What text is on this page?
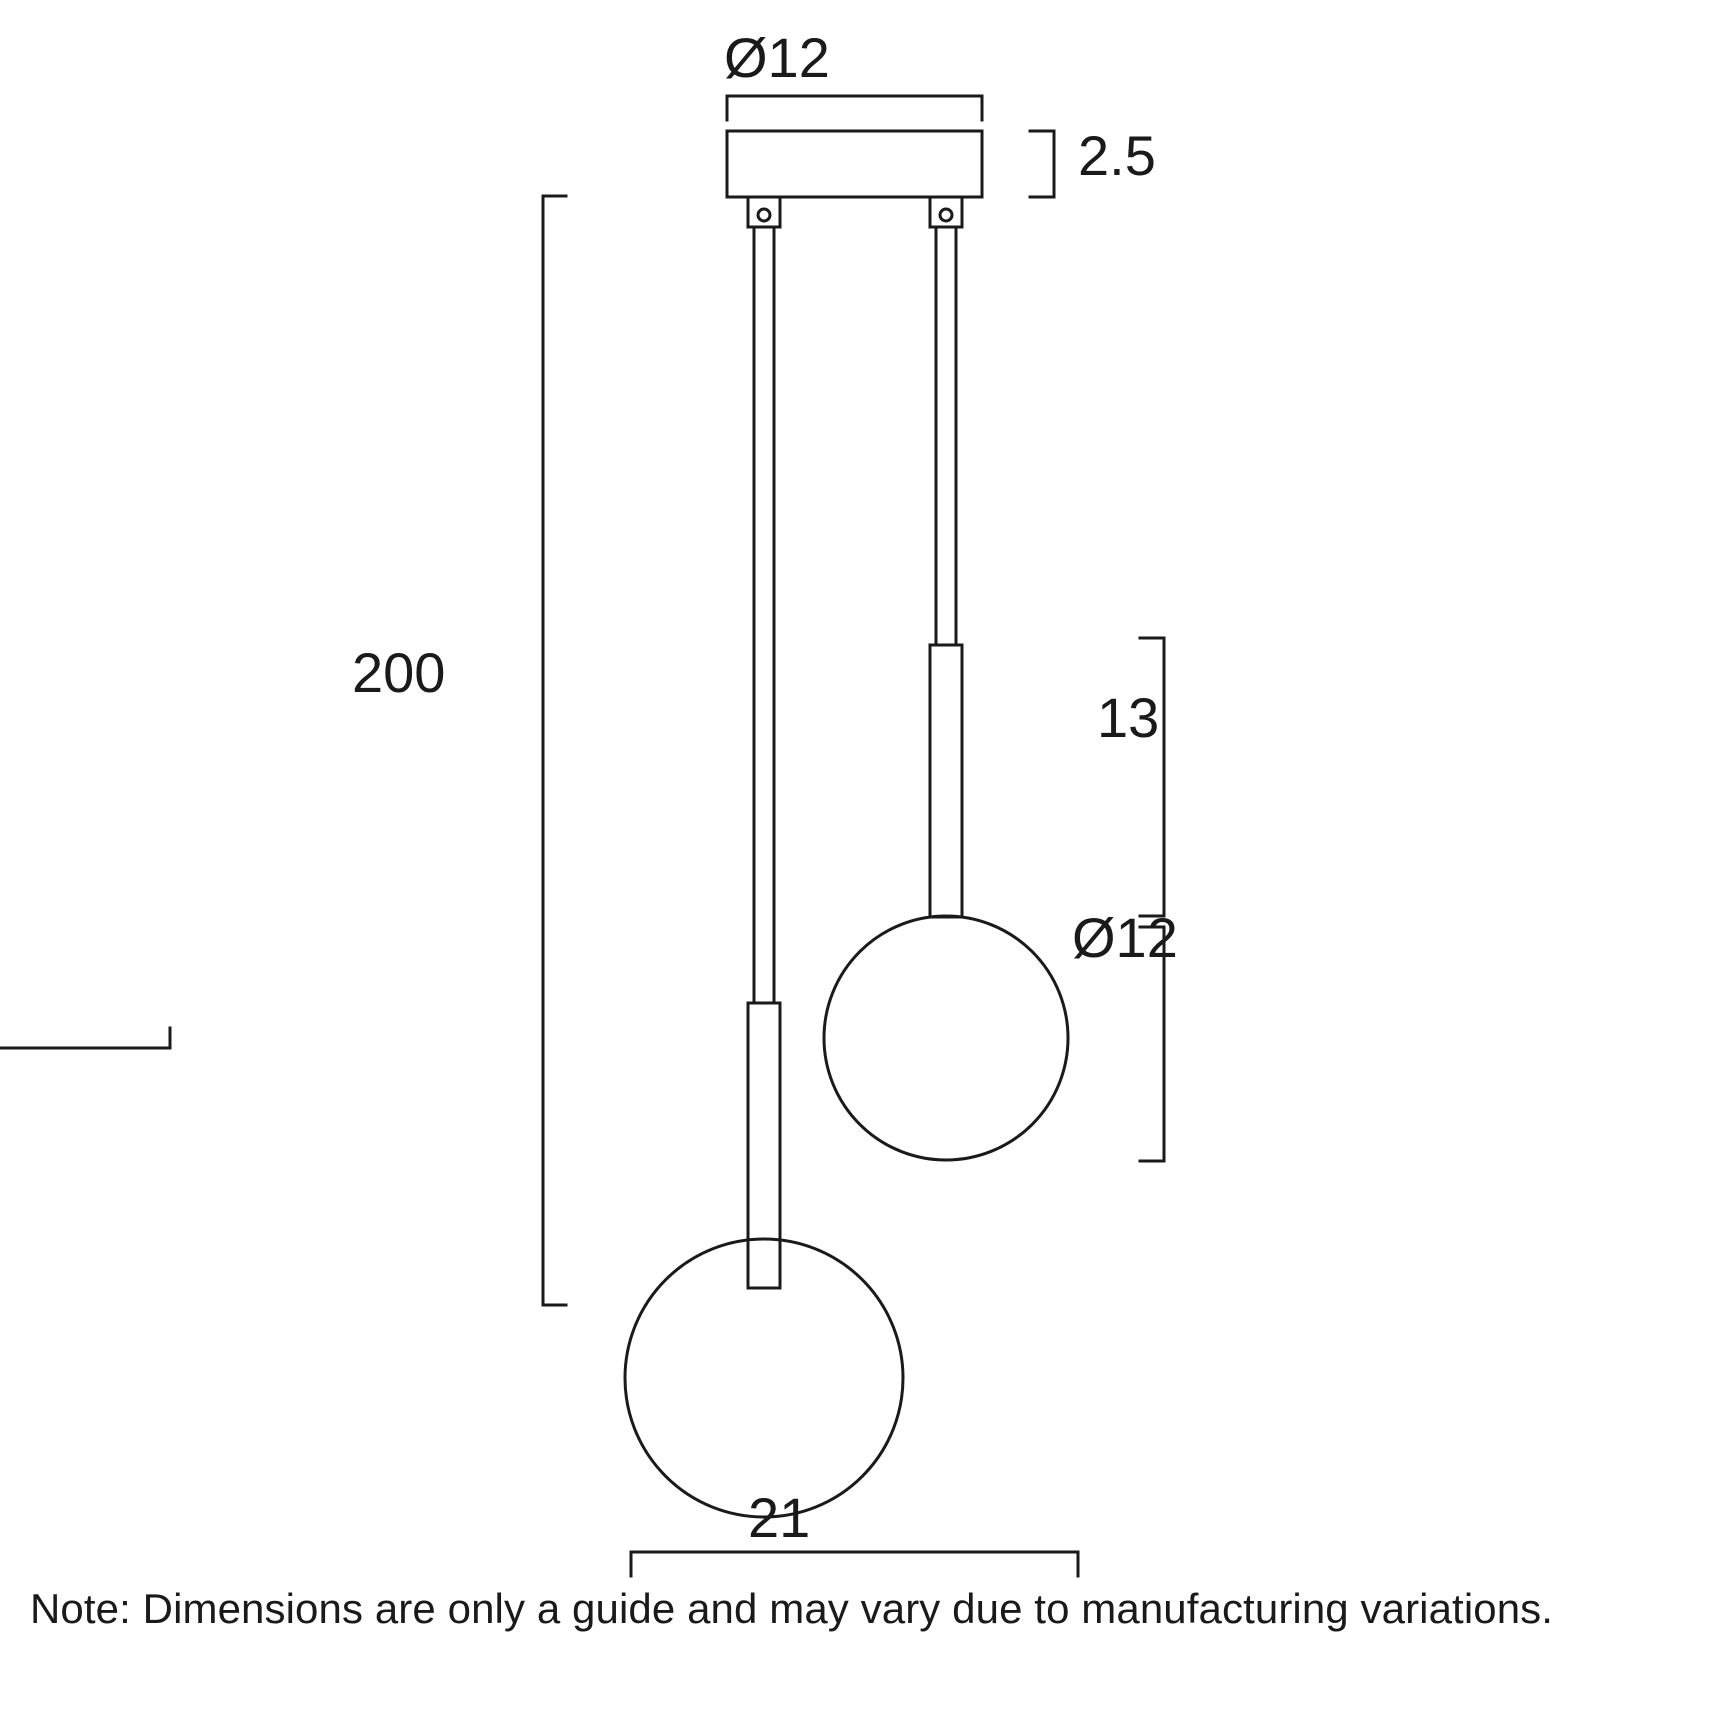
Ø12
2.5
200
13
Ø12
21
Note: Dimensions are only a guide and may vary due to manufacturing variations.
